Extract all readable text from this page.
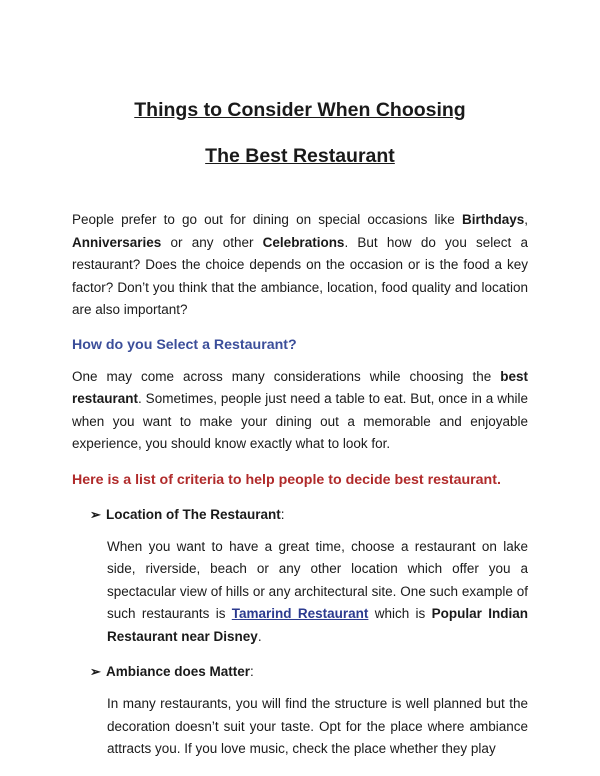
Things to Consider When Choosing
The Best Restaurant

People prefer to go out for dining on special occasions like Birthdays, Anniversaries or any other Celebrations. But how do you select a restaurant? Does the choice depends on the occasion or is the food a key factor? Don’t you think that the ambiance, location, food quality and location are also important?

How do you Select a Restaurant?

One may come across many considerations while choosing the best restaurant. Sometimes, people just need a table to eat. But, once in a while when you want to make your dining out a memorable and enjoyable experience, you should know exactly what to look for.

Here is a list of criteria to help people to decide best restaurant.
➢ Location of The Restaurant :

When you want to have a great time, choose a restaurant on lake side, riverside, beach or any other location which offer you a spectacular view of hills or any architectural site. One such example of such restaurants is Tamarind Restaurant which is Popular Indian Restaurant near Disney.

➢ Ambiance does Matter :

In many restaurants, you will find the structure is well planned but the decoration doesn’t suit your taste. Opt for the place where ambiance attracts you. If you love music, check the place whether they play
